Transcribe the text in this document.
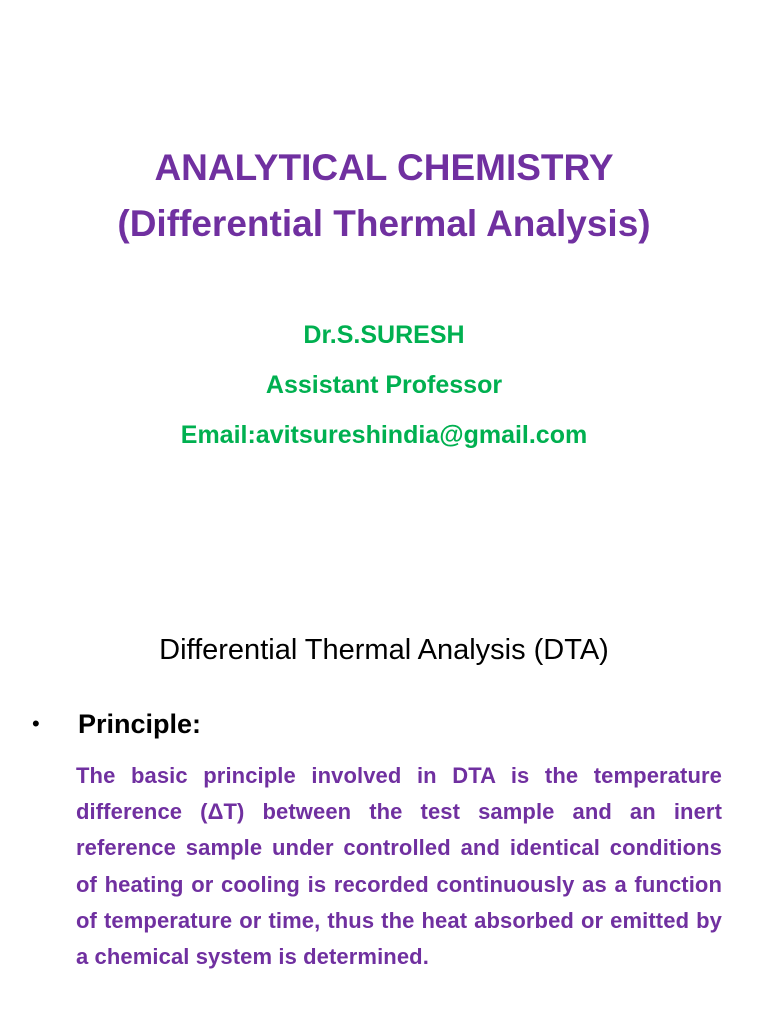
ANALYTICAL CHEMISTRY
(Differential Thermal Analysis)
Dr.S.SURESH
Assistant Professor
Email:avitsureshindia@gmail.com
Differential Thermal Analysis (DTA)
•	Principle:
The basic principle involved in DTA is the temperature difference (ΔT) between the test sample and an inert reference sample under controlled and identical conditions of heating or cooling is recorded continuously as a function of temperature or time, thus the heat absorbed or emitted by a chemical system is determined.
